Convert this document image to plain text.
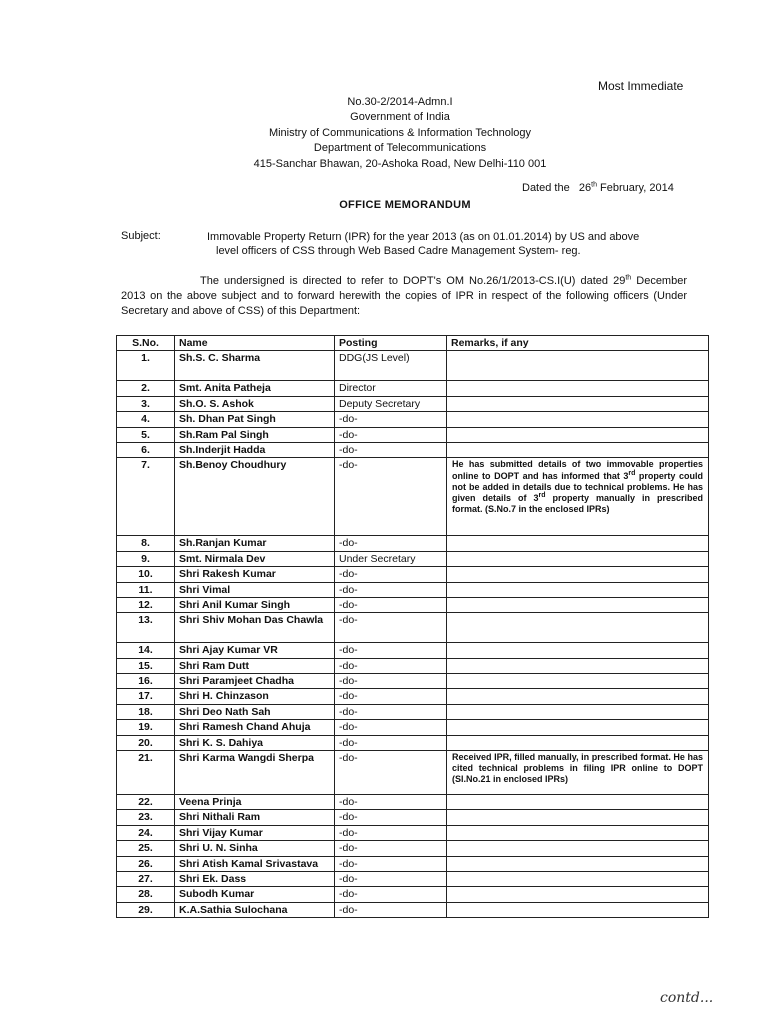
Most Immediate
No.30-2/2014-Admn.I
Government of India
Ministry of Communications & Information Technology
Department of Telecommunications
415-Sanchar Bhawan, 20-Ashoka Road, New Delhi-110 001
Dated the 26th February, 2014
OFFICE MEMORANDUM
Subject:	Immovable Property Return (IPR) for the year 2013 (as on 01.01.2014) by US and above
level officers of CSS through Web Based Cadre Management System- reg.
The undersigned is directed to refer to DOPT's OM No.26/1/2013-CS.I(U) dated 29th December 2013 on the above subject and to forward herewith the copies of IPR in respect of the following officers (Under Secretary and above of CSS) of this Department:
S.No.	Name	Posting	Remarks, if any
1.	Sh.S. C. Sharma	DDG(JS Level)	
2.	Smt. Anita Patheja	Director	
3.	Sh.O. S. Ashok	Deputy Secretary	
4.	Sh. Dhan Pat Singh	-do-	
5.	Sh.Ram Pal Singh	-do-	
6.	Sh.Inderjit Hadda	-do-	
7.	Sh.Benoy Choudhury	-do-	He has submitted details of two immovable properties online to DOPT and has informed that 3rd property could not be added in details due to technical problems. He has given details of 3rd property manually in prescribed format. (S.No.7 in the enclosed IPRs)
8.	Sh.Ranjan Kumar	-do-	
9.	Smt. Nirmala Dev	Under Secretary	
10.	Shri Rakesh Kumar	-do-	
11.	Shri Vimal	-do-	
12.	Shri Anil Kumar Singh	-do-	
13.	Shri Shiv Mohan Das Chawla	-do-	
14.	Shri Ajay Kumar VR	-do-	
15.	Shri Ram Dutt	-do-	
16.	Shri Paramjeet Chadha	-do-	
17.	Shri H. Chinzason	-do-	
18.	Shri Deo Nath Sah	-do-	
19.	Shri Ramesh Chand Ahuja	-do-	
20.	Shri K. S. Dahiya	-do-	
21.	Shri Karma Wangdi Sherpa	-do-	Received IPR, filled manually, in prescribed format. He has cited technical problems in filing IPR online to DOPT (Sl.No.21 in enclosed IPRs)
22.	Veena Prinja	-do-	
23.	Shri Nithali Ram	-do-	
24.	Shri Vijay Kumar	-do-	
25.	Shri U. N. Sinha	-do-	
26.	Shri Atish Kamal Srivastava	-do-	
27.	Shri Ek. Dass	-do-	
28.	Subodh Kumar	-do-	
29.	K.A.Sathia Sulochana	-do-	
contd...
